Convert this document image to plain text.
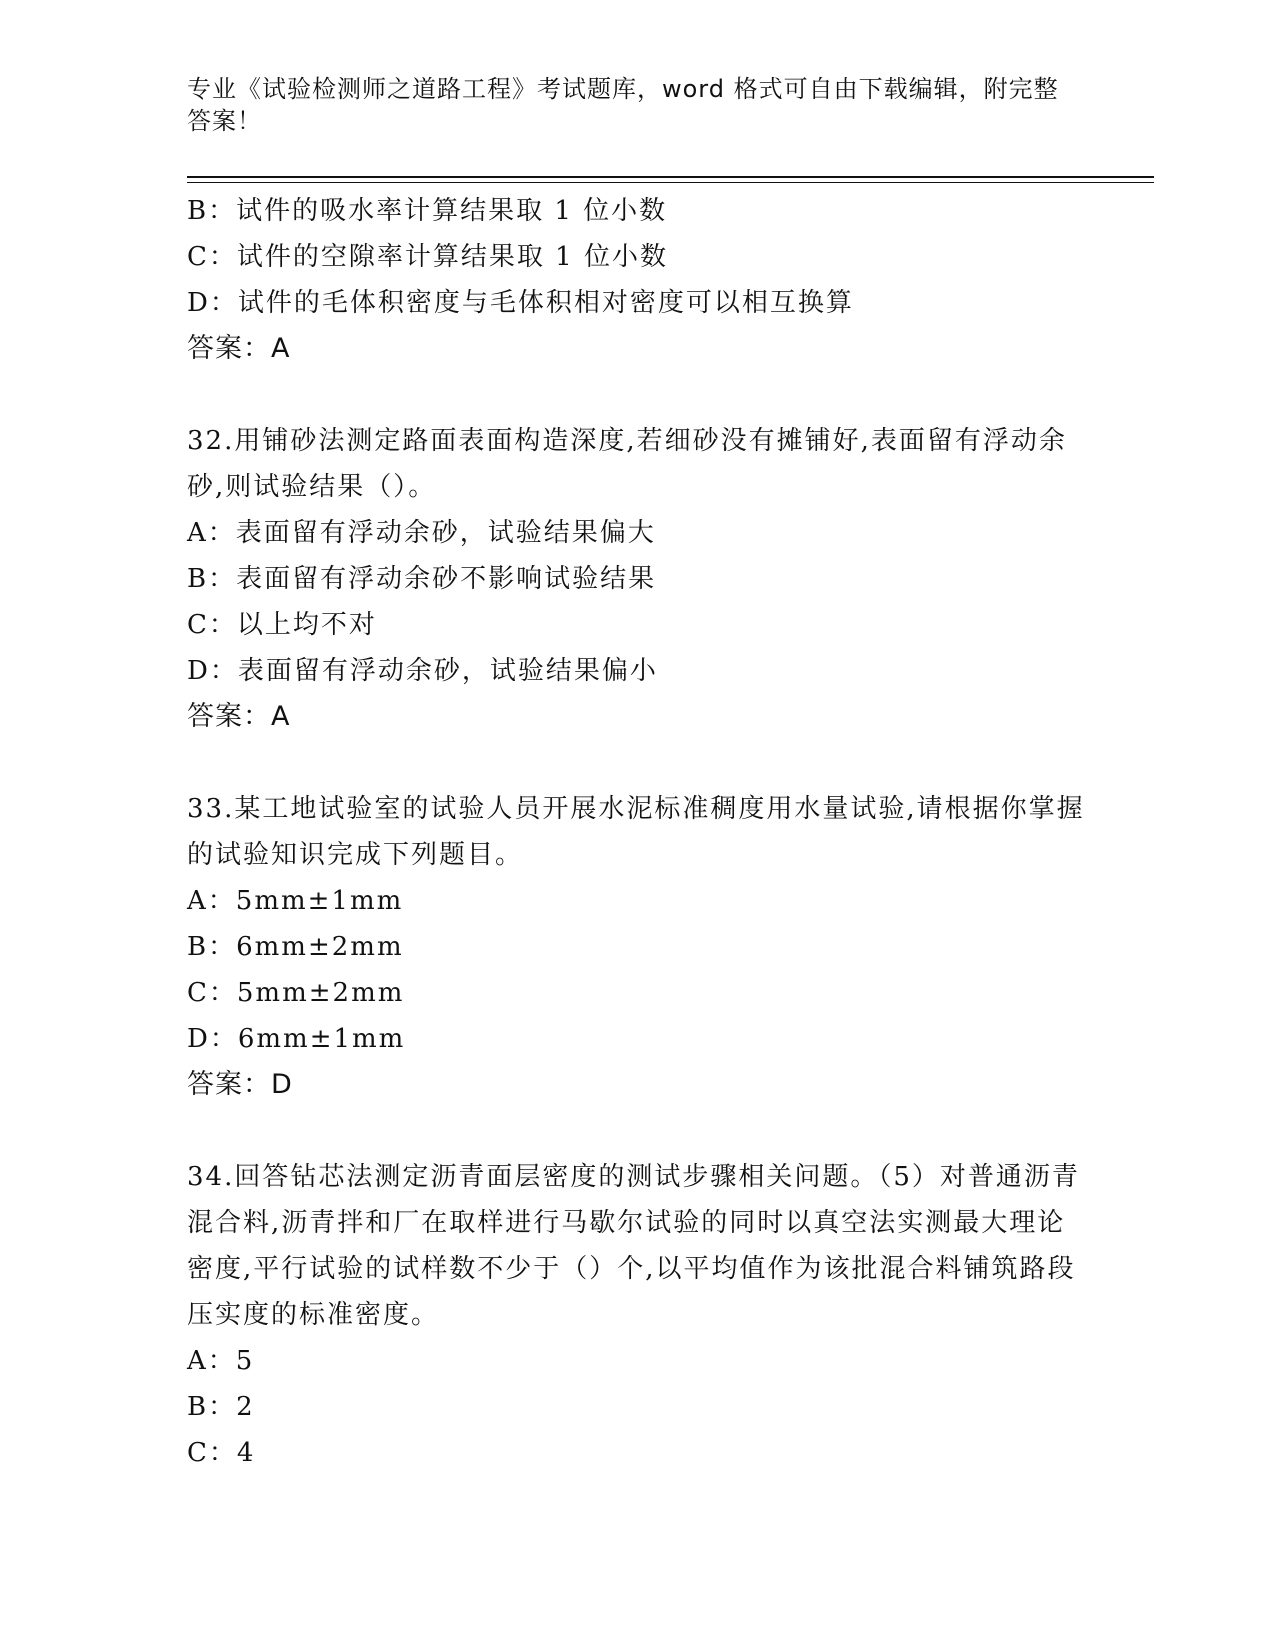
专业《试验检测师之道路工程》考试题库，word 格式可自由下载编辑，附完整答案！
B：试件的吸水率计算结果取 1 位小数
C：试件的空隙率计算结果取 1 位小数
D：试件的毛体积密度与毛体积相对密度可以相互换算
答案：A
32.用铺砂法测定路面表面构造深度,若细砂没有摊铺好,表面留有浮动余砂,则试验结果（）。
A：表面留有浮动余砂，试验结果偏大
B：表面留有浮动余砂不影响试验结果
C：以上均不对
D：表面留有浮动余砂，试验结果偏小
答案：A
33.某工地试验室的试验人员开展水泥标准稠度用水量试验,请根据你掌握的试验知识完成下列题目。
A：5mm±1mm
B：6mm±2mm
C：5mm±2mm
D：6mm±1mm
答案：D
34.回答钻芯法测定沥青面层密度的测试步骤相关问题。（5）对普通沥青混合料,沥青拌和厂在取样进行马歇尔试验的同时以真空法实测最大理论密度,平行试验的试样数不少于（）个,以平均值作为该批混合料铺筑路段压实度的标准密度。
A：5
B：2
C：4
